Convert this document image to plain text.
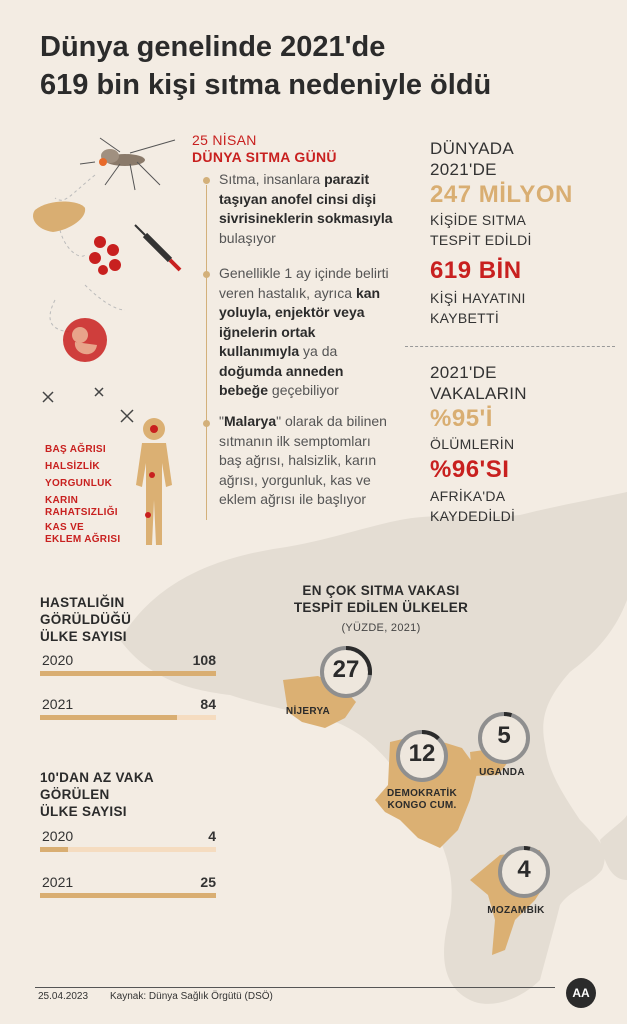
Dünya genelinde 2021'de
619 bin kişi sıtma nedeniyle öldü
BAŞ AĞRISI
HALSİZLİK
YORGUNLUK
KARIN
RAHATSIZLIĞI
KAS VE
EKLEM AĞRISI
25 NİSAN
DÜNYA SITMA GÜNÜ
Sıtma, insanlara parazit taşıyan anofel cinsi dişi sivrisineklerin sokmasıyla bulaşıyor
Genellikle 1 ay içinde belirti veren hastalık, ayrıca kan yoluyla, enjektör veya iğnelerin ortak kullanımıyla ya da doğumda anneden bebeğe geçebiliyor
"Malarya" olarak da bilinen sıtmanın ilk semptomları baş ağrısı, halsizlik, karın ağrısı, yorgunluk, kas ve eklem ağrısı ile başlıyor
DÜNYADA
2021'DE
247 MİLYON
KİŞİDE SITMA
TESPİT EDİLDİ
619 BİN
KİŞİ HAYATINI
KAYBETTİ
2021'DE
VAKALARIN
%95'İ
ÖLÜMLERİN
%96'SI
AFRİKA'DA
KAYDEDİLDİ
HASTALIĞIN
GÖRÜLDÜĞÜ
ÜLKE SAYISI
2020	108
2021	84
10'DAN AZ VAKA
GÖRÜLEN
ÜLKE SAYISI
2020	4
2021	25
EN ÇOK SITMA VAKASI
TESPİT EDİLEN ÜLKELER
(YÜZDE, 2021)
27
NİJERYA
12
DEMOKRATİK
KONGO CUM.
5
UGANDA
4
MOZAMBİK
25.04.2023 Kaynak: Dünya Sağlık Örgütü (DSÖ)	AA
